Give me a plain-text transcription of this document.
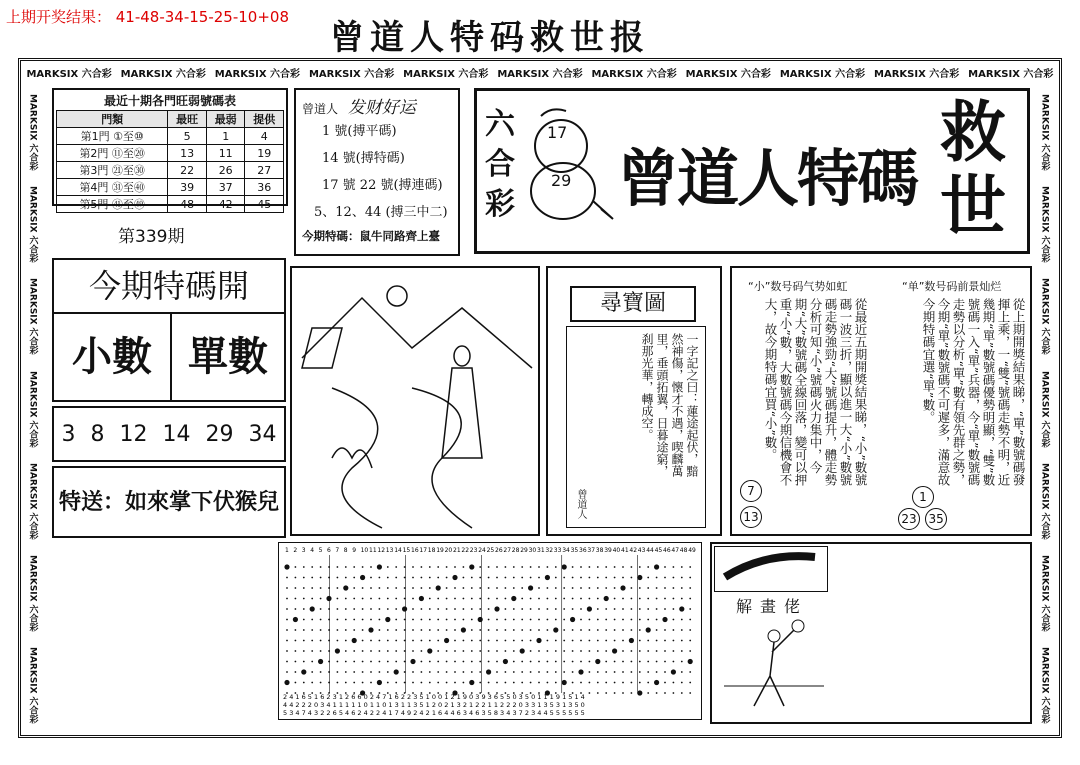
上期开奖结果： 41-48-34-15-25-10+08
曾道人特码救世报
MARKSIX 六合彩 MARKSIX 六合彩 MARKSIX 六合彩 MARKSIX 六合彩 MARKSIX 六合彩 MARKSIX 六合彩 MARKSIX 六合彩 MARKSIX 六合彩 MARKSIX 六合彩 MARKSIX 六合彩 MARKSIX 六合彩
MARKSIX 六合彩
MARKSIX 六合彩
MARKSIX 六合彩
MARKSIX 六合彩
MARKSIX 六合彩
MARKSIX 六合彩
MARKSIX 六合彩
MARKSIX 六合彩
MARKSIX 六合彩
MARKSIX 六合彩
MARKSIX 六合彩
MARKSIX 六合彩
MARKSIX 六合彩
MARKSIX 六合彩
最近十期各門旺弱號碼表
門類	最旺	最弱	提供
第1門 ①至⑩	5	1	4
第2門 ⑪至⑳	13	11	19
第3門 ㉑至㉚	22	26	27
第4門 ㉛至㊵	39	37	36
第5門 ㊶至㊾	48	42	45
第339期
曾道人 发财好运
1 號(搏平碼)
14 號(搏特碼)
17 號 22 號(搏連碼)
5、12、44 (搏三中二)
今期特碼：鼠牛同路齊上臺
六合彩
17
29 曾道人特碼
救世
今期特碼開
小數 單數
3 8 12 14 29 34
特送：如來掌下伏猴兒
尋寶圖
一字記之曰：蓮途起伏，黯然神傷，懷才不遇，喫麟萬里，垂頭拓翼，日暮途窮，刹那光華，轉成空。
曾道人
“小”数号码气势如虹	“单”数号码前景灿烂
從最近五期開獎結果睇，“小”數號碼一波三折，顯以進一大“小”數號碼走勢強勁“大”號碼提升，體走勢分析可知“小”號碼火力集中，今期“大”數號碼全線回落，變可以押重“小”數，大數號碼今期信機會不大，故今期特碼宜買“小”數。	從上期開獎結果睇，“單”數號碼發揮上乘，一“雙”號碼走勢不明，近幾期“單”數號碼優勢明顯，“雙”數號碼一入“單”兵器，今“單”數號碼走勢以分析“單”數有領先群之勢，今期“單”數號碼不可遲多，滿意故今期特碼宜選“單”數。
7 13
1 23 35
1 2 3 4 5 6 7 8 9 10 11 12 13 14 15 16 17 18 19 20 21 22 23 24 25 26 27 28 29 30 31 32 33 34 35 36 37 38 39 40 41 42 43 44 45 46 47 48 49
2 4 1 6 5 1 6 2 3 1 2 6 6 0 2 4 7 1 6 2 2 3 5 1 0 0 1 2 1 9 0 3 9 3 6 5 5 0 3 5 0 1 1 1 9 1 5 1 4
4 4 2 2 2 0 3 4 1 1 1 1 1 0 1 1 0 1 3 1 1 3 5 1 2 0 2 1 3 2 1 2 2 1 1 2 2 2 0 3 3 1 3 5 3 1 3 5 0
5 3 4 7 4 3 2 2 6 5 4 6 2 4 2 2 4 1 7 4 9 2 4 2 1 6 4 4 6 3 4 6 3 5 8 3 4 3 7 2 3 4 4 5 5 5 5 5 5
解畫佬
